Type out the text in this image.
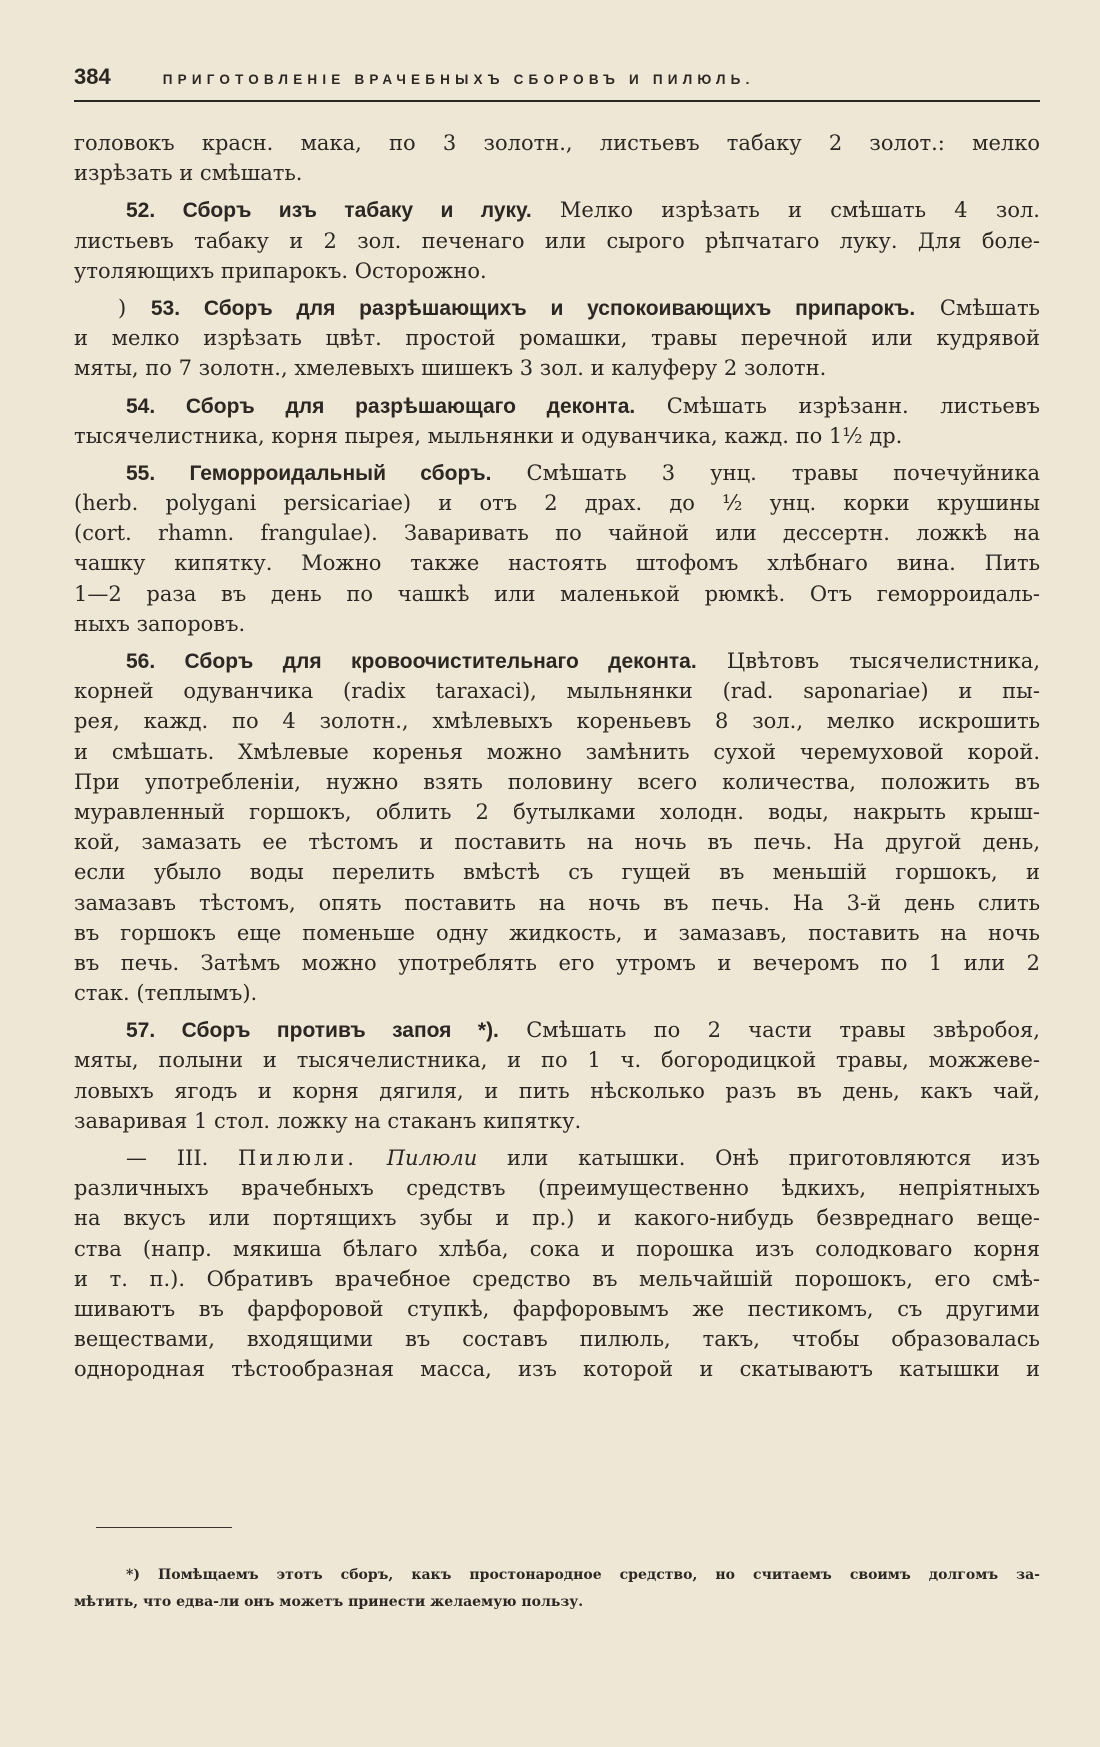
384	ПРИГОТОВЛЕНIЕ ВРАЧЕБНЫХЪ СБОРОВЪ И ПИЛЮЛЬ.
головокъ красн. мака, по 3 золотн., листьевъ табаку 2 золот.: мелко
изрѣзать и смѣшать.
52. Сборъ изъ табаку и луку. Мелко изрѣзать и смѣшать 4 зол.
листьевъ табаку и 2 зол. печенаго или сырого рѣпчатаго луку. Для боле-
утоляющихъ припарокъ. Осторожно.
) 53. Сборъ для разрѣшающихъ и успокоивающихъ припарокъ. Смѣшать
и мелко изрѣзать цвѣт. простой ромашки, травы перечной или кудрявой
мяты, по 7 золотн., хмелевыхъ шишекъ 3 зол. и калуферу 2 золотн.
54. Сборъ для разрѣшающаго деконта. Смѣшать изрѣзанн. листьевъ
тысячелистника, корня пырея, мыльнянки и одуванчика, кажд. по 1½ др.
55. Геморроидальный сборъ. Смѣшать 3 унц. травы почечуйника
(herb. polygani persicariae) и отъ 2 драх. до ½ унц. корки крушины
(cort. rhamn. frangulae). Заваривать по чайной или дессертн. ложкѣ на
чашку кипятку. Можно также настоять штофомъ хлѣбнаго вина. Пить
1—2 раза въ день по чашкѣ или маленькой рюмкѣ. Отъ геморроидаль-
ныхъ запоровъ.
56. Сборъ для кровоочистительнаго деконта. Цвѣтовъ тысячелистника,
корней одуванчика (radix taraxaci), мыльнянки (rad. saponariae) и пы-
рея, кажд. по 4 золотн., хмѣлевыхъ кореньевъ 8 зол., мелко искрошить
и смѣшать. Хмѣлевые коренья можно замѣнить сухой черемуховой корой.
При употребленіи, нужно взять половину всего количества, положить въ
муравленный горшокъ, облить 2 бутылками холодн. воды, накрыть крыш-
кой, замазать ее тѣстомъ и поставить на ночь въ печь. На другой день,
если убыло воды перелить вмѣстѣ съ гущей въ меньшій горшокъ, и
замазавъ тѣстомъ, опять поставить на ночь въ печь. На 3-й день слить
въ горшокъ еще поменьше одну жидкость, и замазавъ, поставить на ночь
въ печь. Затѣмъ можно употреблять его утромъ и вечеромъ по 1 или 2
стак. (теплымъ).
57. Сборъ противъ запоя *). Смѣшать по 2 части травы звѣробоя,
мяты, полыни и тысячелистника, и по 1 ч. богородицкой травы, можжеве-
ловыхъ ягодъ и корня дягиля, и пить нѣсколько разъ въ день, какъ чай,
заваривая 1 стол. ложку на стаканъ кипятку.
— III. Пилюли. Пилюли или катышки. Онѣ приготовляются изъ
различныхъ врачебныхъ средствъ (преимущественно ѣдкихъ, непріятныхъ
на вкусъ или портящихъ зубы и пр.) и какого-нибудь безвреднаго веще-
ства (напр. мякиша бѣлаго хлѣба, сока и порошка изъ солодковаго корня
и т. п.). Обративъ врачебное средство въ мельчайшій порошокъ, его смѣ-
шиваютъ въ фарфоровой ступкѣ, фарфоровымъ же пестикомъ, съ другими
веществами, входящими въ составъ пилюль, такъ, чтобы образовалась
однородная тѣстообразная масса, изъ которой и скатываютъ катышки и
*) Помѣщаемъ этотъ сборъ, какъ простонародное средство, но считаемъ своимъ долгомъ за-
мѣтить, что едва-ли онъ можетъ принести желаемую пользу.
